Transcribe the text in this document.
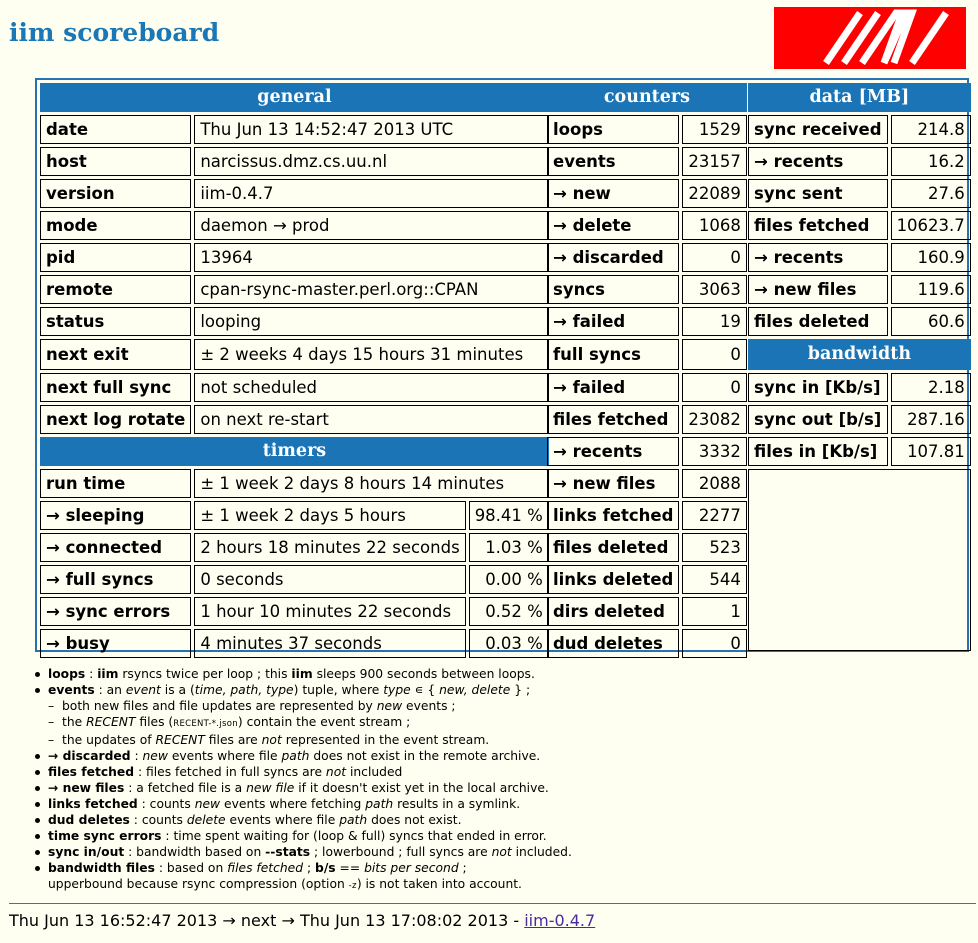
iim scoreboard
general		
date	Thu Jun 13 14:52:47 2013 UTC	
host	narcissus.dmz.cs.uu.nl	
version	iim-0.4.7	
mode	daemon → prod	
pid	13964	
remote	cpan-rsync-master.perl.org::CPAN	
status	looping	
next exit	± 2 weeks 4 days 15 hours 31 minutes	
next full sync	not scheduled	
next log rotate	on next re-start	
timers		
run time	± 1 week 2 days 8 hours 14 minutes	
→ sleeping	± 1 week 2 days 5 hours	98.41 %
→ connected	2 hours 18 minutes 22 seconds	1.03 %
→ full syncs	0 seconds	0.00 %
→ sync errors	1 hour 10 minutes 22 seconds	0.52 %
→ busy	4 minutes 37 seconds	0.03 %
counters	
loops	1529
events	23157
→ new	22089
→ delete	1068
→ discarded	0
syncs	3063
→ failed	19
full syncs	0
→ failed	0
files fetched	23082
→ recents	3332
→ new files	2088
links fetched	2277
files deleted	523
links deleted	544
dirs deleted	1
dud deletes	0
data [MB]	
sync received	214.8
→ recents	16.2
sync sent	27.6
files fetched	10623.7
→ recents	160.9
→ new files	119.6
files deleted	60.6
bandwidth	
sync in [Kb/s]	2.18
sync out [b/s]	287.16
files in [Kb/s]	107.81

loops : iim rsyncs twice per loop ; this iim sleeps 900 seconds between loops.
events : an event is a (time, path, type) tuple, where type ∊ { new, delete } ;
– both new files and file updates are represented by new events ;
– the RECENT files (RECENT-*.json) contain the event stream ;
– the updates of RECENT files are not represented in the event stream.
→ discarded : new events where file path does not exist in the remote archive.
files fetched : files fetched in full syncs are not included
→ new files : a fetched file is a new file if it doesn't exist yet in the local archive.
links fetched : counts new events where fetching path results in a symlink.
dud deletes : counts delete events where file path does not exist.
time sync errors : time spent waiting for (loop & full) syncs that ended in error.
sync in/out : bandwidth based on --stats ; lowerbound ; full syncs are not included.
bandwidth files : based on files fetched ; b/s == bits per second ;
upperbound because rsync compression (option -z) is not taken into account.
Thu Jun 13 16:52:47 2013 → next → Thu Jun 13 17:08:02 2013 - iim-0.4.7
